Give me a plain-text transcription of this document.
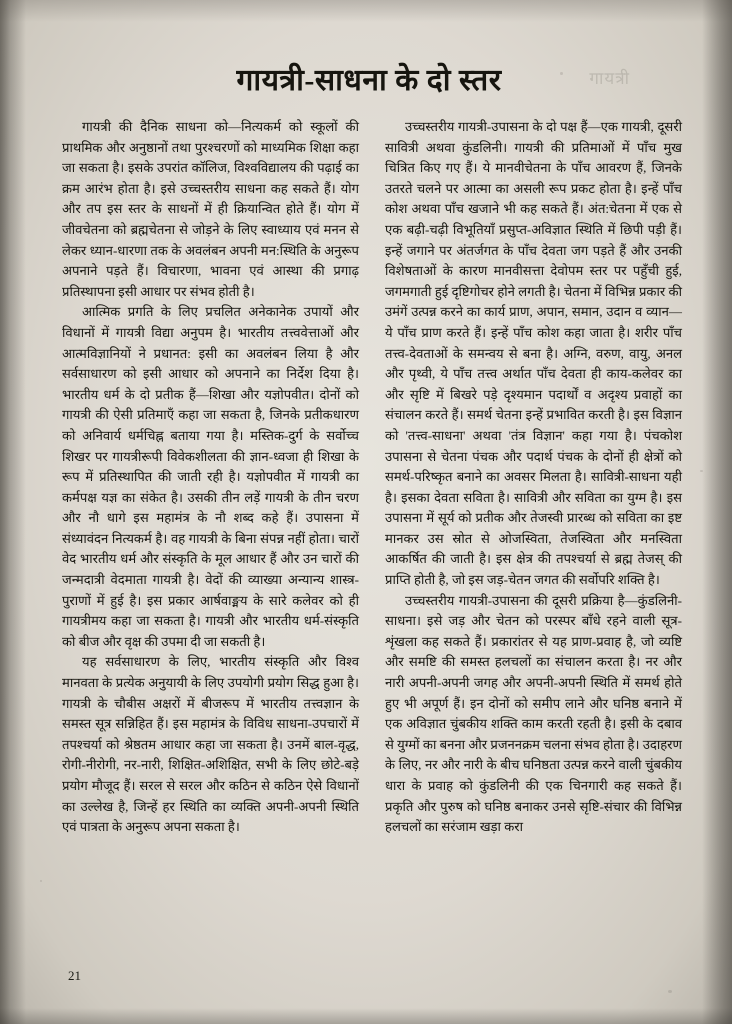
गायत्री
गायत्री-साधना के दो स्तर

गायत्री की दैनिक साधना को—नित्यकर्म को स्कूलों की प्राथमिक और अनुष्ठानों तथा पुरश्चरणों को माध्यमिक शिक्षा कहा जा सकता है। इसके उपरांत कॉलिज, विश्वविद्यालय की पढ़ाई का क्रम आरंभ होता है। इसे उच्चस्तरीय साधना कह सकते हैं। योग और तप इस स्तर के साधनों में ही क्रियान्वित होते हैं। योग में जीवचेतना को ब्रह्मचेतना से जोड़ने के लिए स्वाध्याय एवं मनन से लेकर ध्यान-धारणा तक के अवलंबन अपनी मन:स्थिति के अनुरूप अपनाने पड़ते हैं। विचारणा, भावना एवं आस्था की प्रगाढ़ प्रतिस्थापना इसी आधार पर संभव होती है।

आत्मिक प्रगति के लिए प्रचलित अनेकानेक उपायों और विधानों में गायत्री विद्या अनुपम है। भारतीय तत्त्ववेत्ताओं और आत्मविज्ञानियों ने प्रधानत: इसी का अवलंबन लिया है और सर्वसाधारण को इसी आधार को अपनाने का निर्देश दिया है। भारतीय धर्म के दो प्रतीक हैं—शिखा और यज्ञोपवीत। दोनों को गायत्री की ऐसी प्रतिमाएँ कहा जा सकता है, जिनके प्रतीकधारण को अनिवार्य धर्मचिह्न बताया गया है। मस्तिक-दुर्ग के सर्वोच्च शिखर पर गायत्रीरूपी विवेकशीलता की ज्ञान-ध्वजा ही शिखा के रूप में प्रतिस्थापित की जाती रही है। यज्ञोपवीत में गायत्री का कर्मपक्ष यज्ञ का संकेत है। उसकी तीन लड़ें गायत्री के तीन चरण और नौ धागे इस महामंत्र के नौ शब्द कहे हैं। उपासना में संध्यावंदन नित्यकर्म है। वह गायत्री के बिना संपन्न नहीं होता। चारों वेद भारतीय धर्म और संस्कृति के मूल आधार हैं और उन चारों की जन्मदात्री वेदमाता गायत्री है। वेदों की व्याख्या अन्यान्य शास्त्र-पुराणों में हुई है। इस प्रकार आर्षवाङ्मय के सारे कलेवर को ही गायत्रीमय कहा जा सकता है। गायत्री और भारतीय धर्म-संस्कृति को बीज और वृक्ष की उपमा दी जा सकती है।

यह सर्वसाधारण के लिए, भारतीय संस्कृति और विश्व मानवता के प्रत्येक अनुयायी के लिए उपयोगी प्रयोग सिद्ध हुआ है। गायत्री के चौबीस अक्षरों में बीजरूप में भारतीय तत्त्वज्ञान के समस्त सूत्र सन्निहित हैं। इस महामंत्र के विविध साधना-उपचारों में तपश्चर्या को श्रेष्ठतम आधार कहा जा सकता है। उनमें बाल-वृद्ध, रोगी-नीरोगी, नर-नारी, शिक्षित-अशिक्षित, सभी के लिए छोटे-बड़े प्रयोग मौजूद हैं। सरल से सरल और कठिन से कठिन ऐसे विधानों का उल्लेख है, जिन्हें हर स्थिति का व्यक्ति अपनी-अपनी स्थिति एवं पात्रता के अनुरूप अपना सकता है।

उच्चस्तरीय गायत्री-उपासना के दो पक्ष हैं—एक गायत्री, दूसरी सावित्री अथवा कुंडलिनी। गायत्री की प्रतिमाओं में पाँच मुख चित्रित किए गए हैं। ये मानवीचेतना के पाँच आवरण हैं, जिनके उतरते चलने पर आत्मा का असली रूप प्रकट होता है। इन्हें पाँच कोश अथवा पाँच खजाने भी कह सकते हैं। अंत:चेतना में एक से एक बढ़ी-चढ़ी विभूतियाँ प्रसुप्त-अविज्ञात स्थिति में छिपी पड़ी हैं। इन्हें जगाने पर अंतर्जगत के पाँच देवता जग पड़ते हैं और उनकी विशेषताओं के कारण मानवीसत्ता देवोपम स्तर पर पहुँची हुई, जगमगाती हुई दृष्टिगोचर होने लगती है। चेतना में विभिन्न प्रकार की उमंगें उत्पन्न करने का कार्य प्राण, अपान, समान, उदान व व्यान—ये पाँच प्राण करते हैं। इन्हें पाँच कोश कहा जाता है। शरीर पाँच तत्त्व-देवताओं के समन्वय से बना है। अग्नि, वरुण, वायु, अनल और पृथ्वी, ये पाँच तत्त्व अर्थात पाँच देवता ही काय-कलेवर का और सृष्टि में बिखरे पड़े दृश्यमान पदार्थों व अदृश्य प्रवाहों का संचालन करते हैं। समर्थ चेतना इन्हें प्रभावित करती है। इस विज्ञान को 'तत्त्व-साधना' अथवा 'तंत्र विज्ञान' कहा गया है। पंचकोश उपासना से चेतना पंचक और पदार्थ पंचक के दोनों ही क्षेत्रों को समर्थ-परिष्कृत बनाने का अवसर मिलता है। सावित्री-साधना यही है। इसका देवता सविता है। सावित्री और सविता का युग्म है। इस उपासना में सूर्य को प्रतीक और तेजस्वी प्रारब्ध को सविता का इष्ट मानकर उस स्रोत से ओजस्विता, तेजस्विता और मनस्विता आकर्षित की जाती है। इस क्षेत्र की तपश्चर्या से ब्रह्म तेजस् की प्राप्ति होती है, जो इस जड़-चेतन जगत की सर्वोपरि शक्ति है।

उच्चस्तरीय गायत्री-उपासना की दूसरी प्रक्रिया है—कुंडलिनी-साधना। इसे जड़ और चेतन को परस्पर बाँधे रहने वाली सूत्र-शृंखला कह सकते हैं। प्रकारांतर से यह प्राण-प्रवाह है, जो व्यष्टि और समष्टि की समस्त हलचलों का संचालन करता है। नर और नारी अपनी-अपनी जगह और अपनी-अपनी स्थिति में समर्थ होते हुए भी अपूर्ण हैं। इन दोनों को समीप लाने और घनिष्ठ बनाने में एक अविज्ञात चुंबकीय शक्ति काम करती रहती है। इसी के दबाव से युग्मों का बनना और प्रजननक्रम चलना संभव होता है। उदाहरण के लिए, नर और नारी के बीच घनिष्ठता उत्पन्न करने वाली चुंबकीय धारा के प्रवाह को कुंडलिनी की एक चिनगारी कह सकते हैं। प्रकृति और पुरुष को घनिष्ठ बनाकर उनसे सृष्टि-संचार की विभिन्न हलचलों का सरंजाम खड़ा करा

21
